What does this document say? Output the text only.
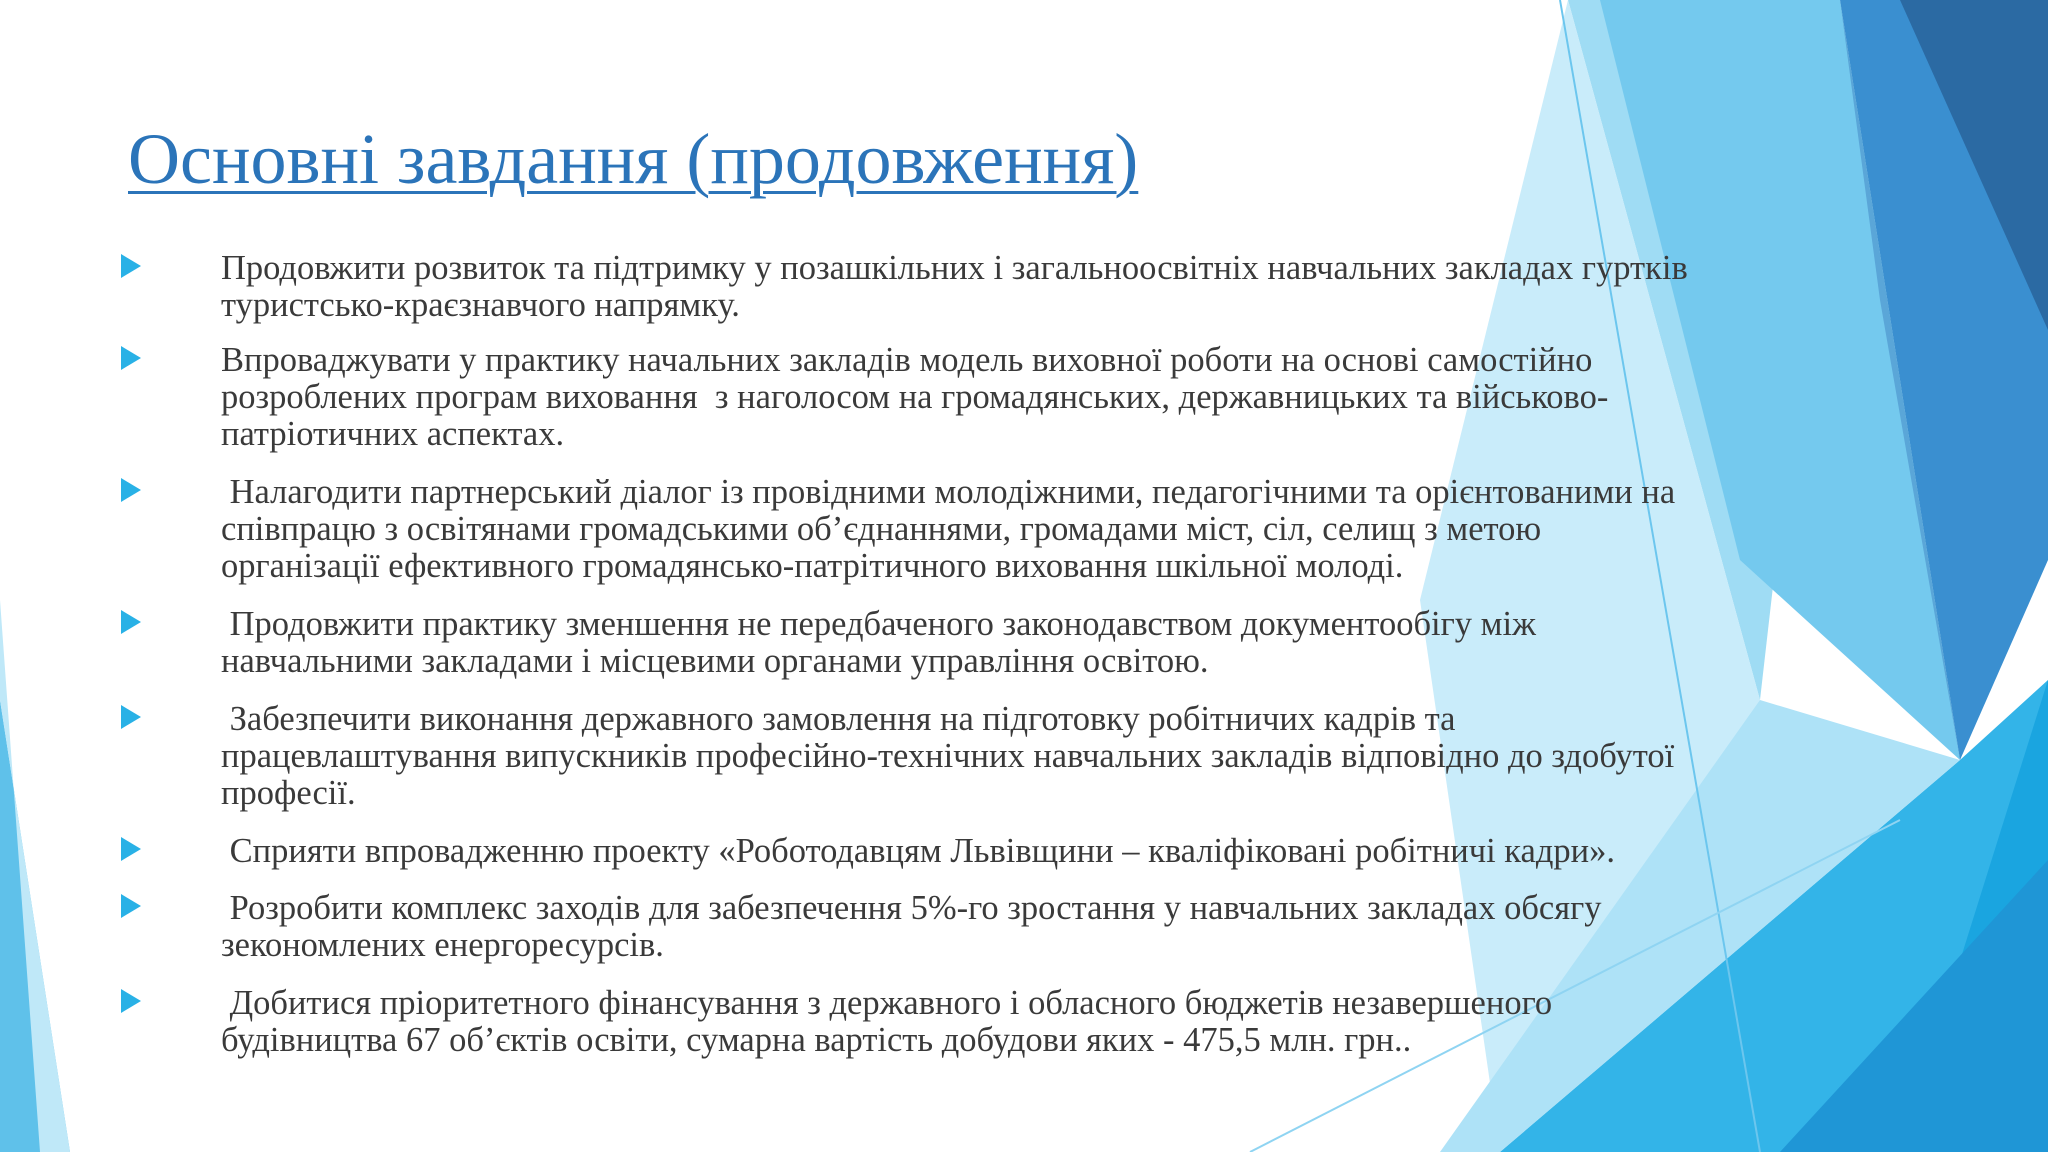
Основні завдання (продовження)

Продовжити розвиток та підтримку у позашкільних і загальноосвітніх навчальних закладах гуртків
туристсько-краєзнавчого напрямку.

Впроваджувати у практику начальних закладів модель виховної роботи на основі самостійно
розроблених програм виховання  з наголосом на громадянських, державницьких та військово-
патріотичних аспектах.

Налагодити партнерський діалог із провідними молодіжними, педагогічними та орієнтованими на
співпрацю з освітянами громадськими об’єднаннями, громадами міст, сіл, селищ з метою
організації ефективного громадянсько-патрітичного виховання шкільної молоді.

Продовжити практику зменшення не передбаченого законодавством документообігу між
навчальними закладами і місцевими органами управління освітою.

Забезпечити виконання державного замовлення на підготовку робітничих кадрів та
працевлаштування випускників професійно-технічних навчальних закладів відповідно до здобутої
професії.

Сприяти впровадженню проекту «Роботодавцям Львівщини – кваліфіковані робітничі кадри».

Розробити комплекс заходів для забезпечення 5%-го зростання у навчальних закладах обсягу
зекономлених енергоресурсів.

Добитися пріоритетного фінансування з державного і обласного бюджетів незавершеного
будівництва 67 об’єктів освіти, сумарна вартість добудови яких - 475,5 млн. грн..
